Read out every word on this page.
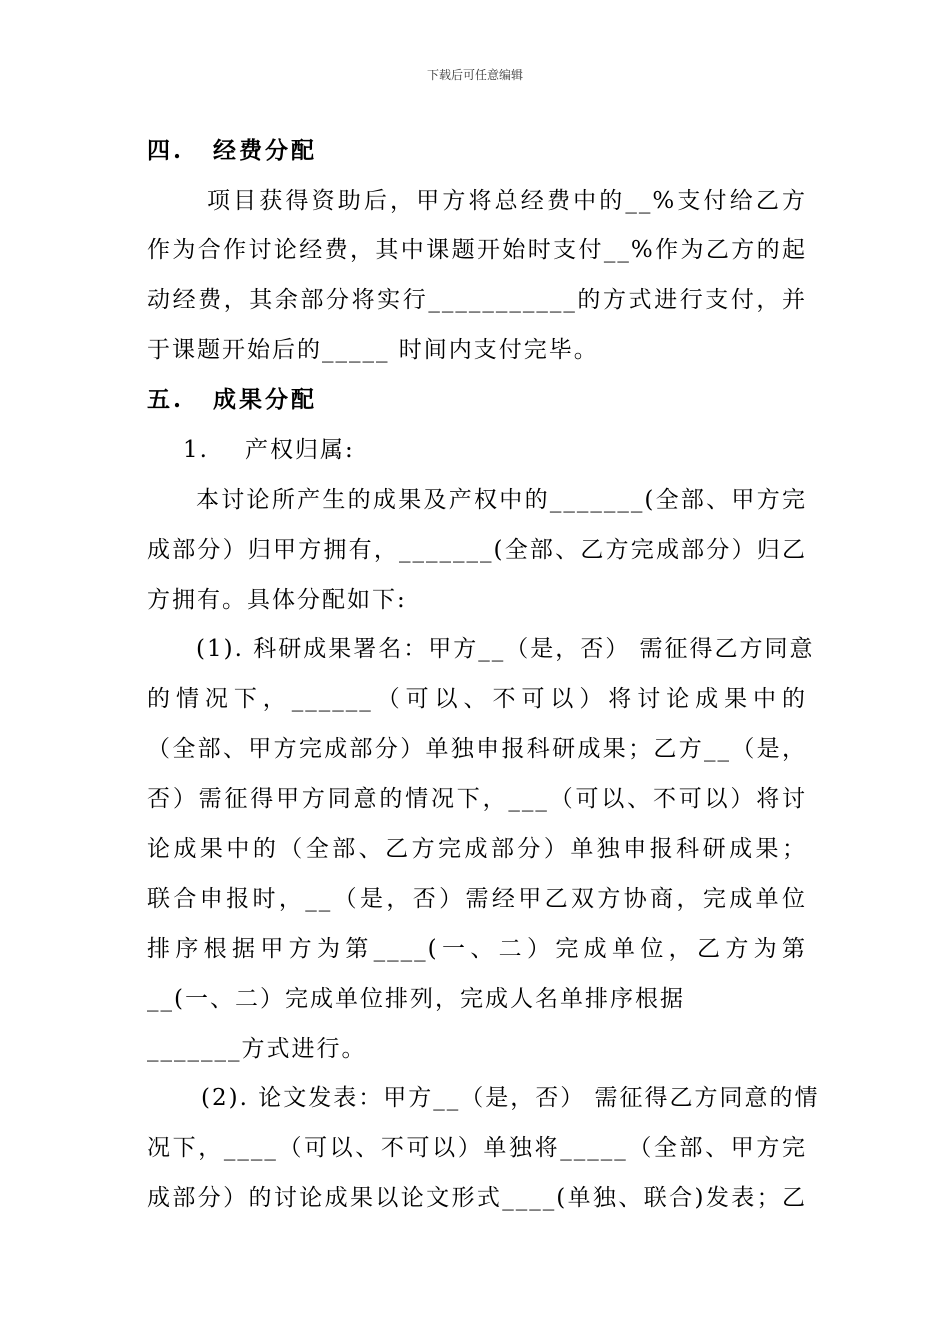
下载后可任意编辑
四. 经费分配
项目获得资助后，甲方将总经费中的__%支付给乙方
作为合作讨论经费，其中课题开始时支付__%作为乙方的起
动经费，其余部分将实行___________的方式进行支付，并
于课题开始后的_____ 时间内支付完毕。
五. 成果分配
1. 产权归属:
本讨论所产生的成果及产权中的_______(全部、甲方完
成部分）归甲方拥有，_______(全部、乙方完成部分）归乙
方拥有。具体分配如下:
(1). 科研成果署名：甲方__（是，否） 需征得乙方同意
的情况下，______（可以、不可以）将讨论成果中的
（全部、甲方完成部分）单独申报科研成果；乙方__（是，
否）需征得甲方同意的情况下，___（可以、不可以）将讨
论成果中的（全部、乙方完成部分）单独申报科研成果；
联合申报时，__（是，否）需经甲乙双方协商，完成单位
排序根据甲方为第____(一、二）完成单位，乙方为第
__(一、二）完成单位排列，完成人名单排序根据
_______方式进行。
(2). 论文发表：甲方__（是，否） 需征得乙方同意的情
况下，____（可以、不可以）单独将_____（全部、甲方完
成部分）的讨论成果以论文形式____(单独、联合)发表；乙
